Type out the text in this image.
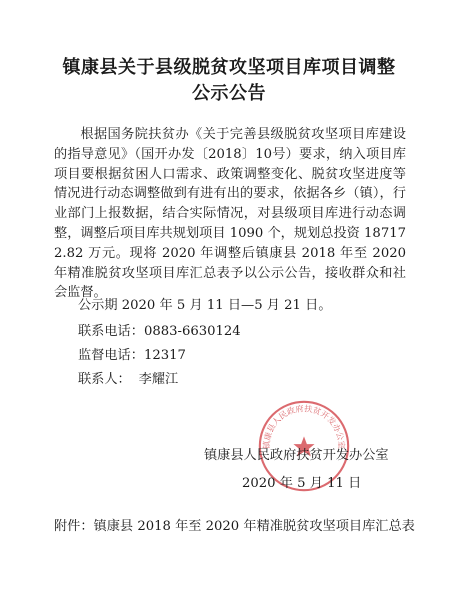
镇康县关于县级脱贫攻坚项目库项目调整
公示公告

根据国务院扶贫办《关于完善县级脱贫攻坚项目库建设的指导意见》（国开办发〔2018〕10号）要求，纳入项目库项目要根据贫困人口需求、政策调整变化、脱贫攻坚进度等情况进行动态调整做到有进有出的要求，依据各乡（镇），行业部门上报数据，结合实际情况，对县级项目库进行动态调整，调整后项目库共规划项目 1090 个，规划总投资 187172.82 万元。现将 2020 年调整后镇康县 2018 年至 2020 年精准脱贫攻坚项目库汇总表予以公示公告，接收群众和社会监督。

公示期 2020 年 5 月 11 日—5 月 21 日。
联系电话：0883-6630124
监督电话：12317
联系人： 李耀江
镇康县人民政府扶贫开发办公室
镇康县人民政府扶贫开发办公室
2020 年 5 月 11 日
附件：镇康县 2018 年至 2020 年精准脱贫攻坚项目库汇总表
